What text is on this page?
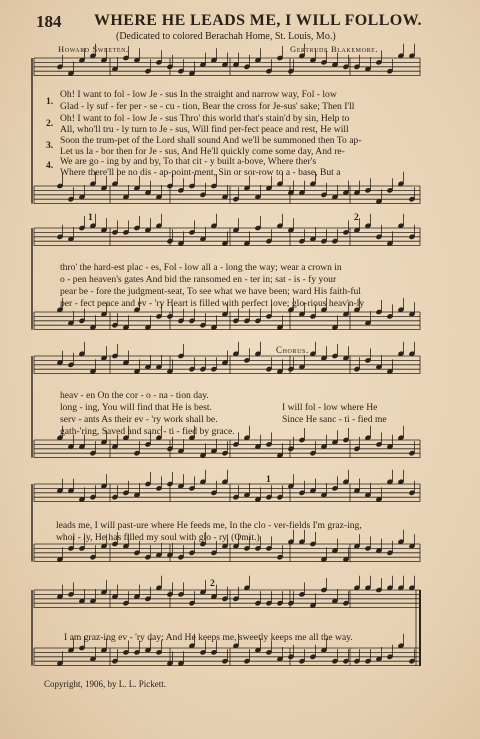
184 WHERE HE LEADS ME, I WILL FOLLOW.
(Dedicated to colored Berachah Home, St. Louis, Mo.)
Howard Sweeten.	Gertrude Blakemore.
1.
2.
3.
4.
Oh! I want to fol - low Je - sus In the straight and narrow way, Fol - low
Glad - ly suf - fer per - se - cu - tion, Bear the cross for Je-sus' sake; Then I'll
Oh! I want to fol - low Je - sus Thro' this world that's stain'd by sin, Help to
All, who'll tru - ly turn to Je - sus, Will find per-fect peace and rest, He will
Soon the trum-pet of the Lord shall sound And we'll be summoned then To ap-
Let us la - bor then for Je - sus, And He'll quickly come some day, And re-
We are go - ing by and by, To that cit - y built a-bove, Where ther's
Where there'll be no dis - ap-point-ment, Sin or sor-row to a - base, But a
1	2
thro' the hard-est plac - es, Fol - low all a - long the way; wear a crown in
o - pen heaven's gates And bid the ransomed en - ter in; sat - is - fy your
pear be - fore the judgment-seat, To see what we have been; ward His faith-ful
per - fect peace and ev - 'ry Heart is filled with perfect love; glo-rious heav'n-ly
Chorus.
heav - en On the cor - o - na - tion day.
long - ing, You will find that He is best.
serv - ants As their ev - 'ry work shall be.
gath-'ring, Saved and sanc - ti - fied by grace.
I will fol - low where He
Since He sanc - ti - fied me
1
2
leads me, I will past-ure where He feeds me, In the clo - ver-fields I'm graz-ing,
whol - ly, He has filled my soul with glo - ry, (Omit.)
I am graz-ing ev - 'ry day; And He keeps me, sweetly keeps me all the way.
Copyright, 1906, by L. L. Pickett.
